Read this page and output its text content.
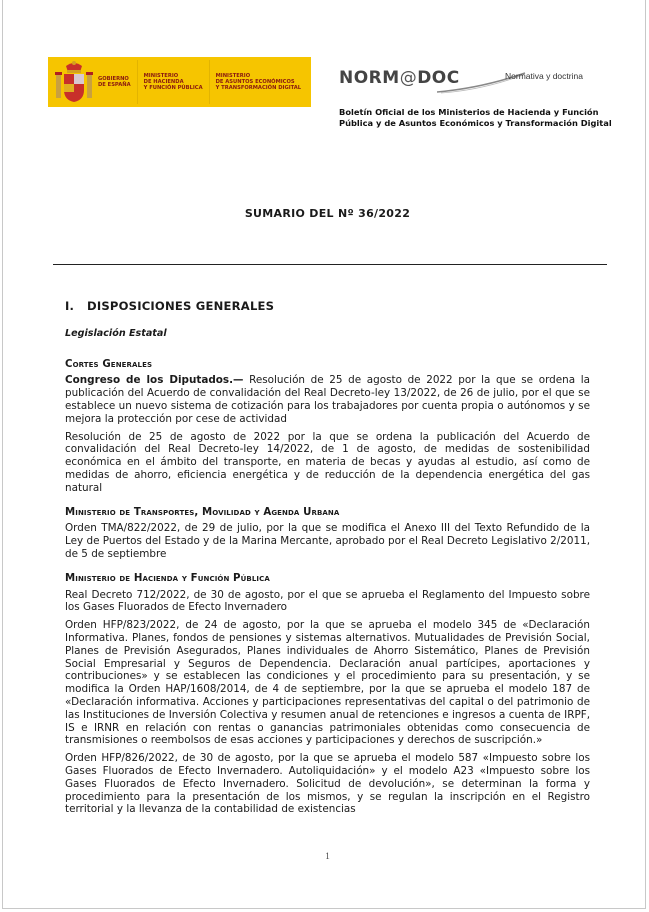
GOBIERNO
DE ESPAÑA
MINISTERIO
DE HACIENDA
Y FUNCIÓN PÚBLICA
MINISTERIO
DE ASUNTOS ECONÓMICOS
Y TRANSFORMACIÓN DIGITAL NORM@DOC	Normativa y doctrina
Boletín Oficial de los Ministerios de Hacienda y Función
Pública y de Asuntos Económicos y Transformación Digital
SUMARIO DEL Nº 36/2022
I. DISPOSICIONES GENERALES
Legislación Estatal
Cortes Generales

Congreso de los Diputados.— Resolución de 25 de agosto de 2022 por la que se ordena la publicación del Acuerdo de convalidación del Real Decreto-ley 13/2022, de 26 de julio, por el que se establece un nuevo sistema de cotización para los trabajadores por cuenta propia o autónomos y se mejora la protección por cese de actividad

Resolución de 25 de agosto de 2022 por la que se ordena la publicación del Acuerdo de convalidación del Real Decreto-ley 14/2022, de 1 de agosto, de medidas de sostenibilidad económica en el ámbito del transporte, en materia de becas y ayudas al estudio, así como de medidas de ahorro, eficiencia energética y de reducción de la dependencia energética del gas natural

Ministerio de Transportes, Movilidad y Agenda Urbana

Orden TMA/822/2022, de 29 de julio, por la que se modifica el Anexo III del Texto Refundido de la Ley de Puertos del Estado y de la Marina Mercante, aprobado por el Real Decreto Legislativo 2/2011, de 5 de septiembre

Ministerio de Hacienda y Función Pública

Real Decreto 712/2022, de 30 de agosto, por el que se aprueba el Reglamento del Impuesto sobre los Gases Fluorados de Efecto Invernadero

Orden HFP/823/2022, de 24 de agosto, por la que se aprueba el modelo 345 de «Declaración Informativa. Planes, fondos de pensiones y sistemas alternativos. Mutualidades de Previsión Social, Planes de Previsión Asegurados, Planes individuales de Ahorro Sistemático, Planes de Previsión Social Empresarial y Seguros de Dependencia. Declaración anual partícipes, aportaciones y contribuciones» y se establecen las condiciones y el procedimiento para su presentación, y se modifica la Orden HAP/1608/2014, de 4 de septiembre, por la que se aprueba el modelo 187 de «Declaración informativa. Acciones y participaciones representativas del capital o del patrimonio de las Instituciones de Inversión Colectiva y resumen anual de retenciones e ingresos a cuenta de IRPF, IS e IRNR en relación con rentas o ganancias patrimoniales obtenidas como consecuencia de transmisiones o reembolsos de esas acciones y participaciones y derechos de suscripción.»

Orden HFP/826/2022, de 30 de agosto, por la que se aprueba el modelo 587 «Impuesto sobre los Gases Fluorados de Efecto Invernadero. Autoliquidación» y el modelo A23 «Impuesto sobre los Gases Fluorados de Efecto Invernadero. Solicitud de devolución», se determinan la forma y procedimiento para la presentación de los mismos, y se regulan la inscripción en el Registro territorial y la llevanza de la contabilidad de existencias

1
